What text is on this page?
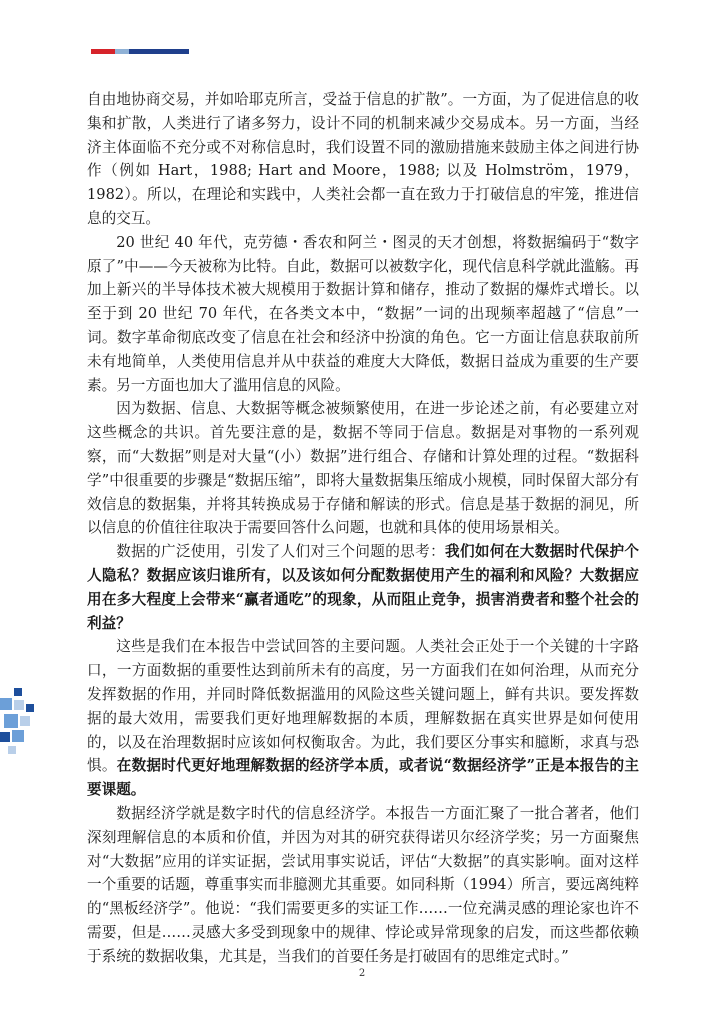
自由地协商交易，并如哈耶克所言，受益于信息的扩散”。一方面，为了促进信息的收集和扩散，人类进行了诸多努力，设计不同的机制来减少交易成本。另一方面，当经济主体面临不充分或不对称信息时，我们设置不同的激励措施来鼓励主体之间进行协作（例如 Hart，1988; Hart and Moore，1988; 以及 Holmström，1979，1982）。所以，在理论和实践中，人类社会都一直在致力于打破信息的牢笼，推进信息的交互。

20 世纪 40 年代，克劳德・香农和阿兰・图灵的天才创想，将数据编码于“数字原了”中——今天被称为比特。自此，数据可以被数字化，现代信息科学就此滥觞。再加上新兴的半导体技术被大规模用于数据计算和储存，推动了数据的爆炸式增长。以至于到 20 世纪 70 年代，在各类文本中，“数据”一词的出现频率超越了“信息”一词。数字革命彻底改变了信息在社会和经济中扮演的角色。它一方面让信息获取前所未有地简单，人类使用信息并从中获益的难度大大降低，数据日益成为重要的生产要素。另一方面也加大了滥用信息的风险。

因为数据、信息、大数据等概念被频繁使用，在进一步论述之前，有必要建立对这些概念的共识。首先要注意的是，数据不等同于信息。数据是对事物的一系列观察，而“大数据”则是对大量“(小）数据”进行组合、存储和计算处理的过程。“数据科学”中很重要的步骤是“数据压缩”，即将大量数据集压缩成小规模，同时保留大部分有效信息的数据集，并将其转换成易于存储和解读的形式。信息是基于数据的洞见，所以信息的价值往往取决于需要回答什么问题，也就和具体的使用场景相关。

数据的广泛使用，引发了人们对三个问题的思考：我们如何在大数据时代保护个人隐私？数据应该归谁所有，以及该如何分配数据使用产生的福利和风险？大数据应用在多大程度上会带来“赢者通吃”的现象，从而阻止竞争，损害消费者和整个社会的利益？

这些是我们在本报告中尝试回答的主要问题。人类社会正处于一个关键的十字路口，一方面数据的重要性达到前所未有的高度，另一方面我们在如何治理，从而充分发挥数据的作用，并同时降低数据滥用的风险这些关键问题上，鲜有共识。要发挥数据的最大效用，需要我们更好地理解数据的本质，理解数据在真实世界是如何使用的，以及在治理数据时应该如何权衡取舍。为此，我们要区分事实和臆断，求真与恐惧。在数据时代更好地理解数据的经济学本质，或者说“数据经济学”正是本报告的主要课题。

数据经济学就是数字时代的信息经济学。本报告一方面汇聚了一批合著者，他们深刻理解信息的本质和价值，并因为对其的研究获得诺贝尔经济学奖；另一方面聚焦对“大数据”应用的详实证据，尝试用事实说话，评估“大数据”的真实影响。面对这样一个重要的话题，尊重事实而非臆测尤其重要。如同科斯（1994）所言，要远离纯粹的“黑板经济学”。他说：“我们需要更多的实证工作……一位充满灵感的理论家也许不需要，但是……灵感大多受到现象中的规律、悖论或异常现象的启发，而这些都依赖于系统的数据收集，尤其是，当我们的首要任务是打破固有的思维定式时。”

2
